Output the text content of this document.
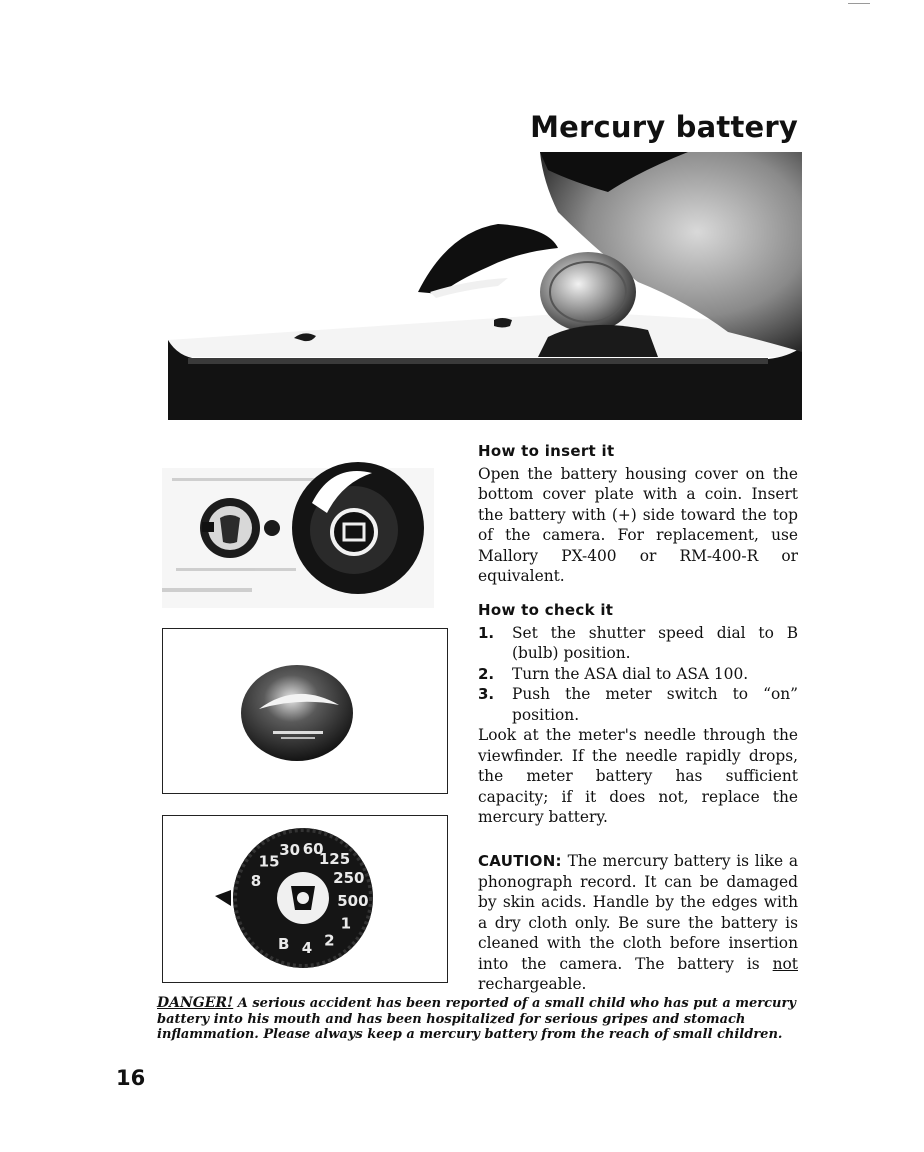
Mercury battery
8
15
30 60
125
250
500
1
2
4
B
How to insert it

Open the battery housing cover on the bottom cover plate with a coin. Insert the battery with (+) side toward the top of the camera. For replacement, use Mallory PX-400 or RM-400-R or equivalent.

How to check it
1.	Set the shutter speed dial to B (bulb) position.
2.	Turn the ASA dial to ASA 100.
3.	Push the meter switch to “on” position.

Look at the meter's needle through the viewfinder. If the needle rapidly drops, the meter battery has sufficient capacity; if it does not, replace the mercury battery.

CAUTION: The mercury battery is like a phonograph record. It can be damaged by skin acids. Handle by the edges with a dry cloth only. Be sure the battery is cleaned with the cloth before insertion into the camera. The battery is not rechargeable.

DANGER! A serious accident has been reported of a small child who has put a mercury battery into his mouth and has been hospitalized for serious gripes and stomach inflammation. Please always keep a mercury battery from the reach of small children.

16
